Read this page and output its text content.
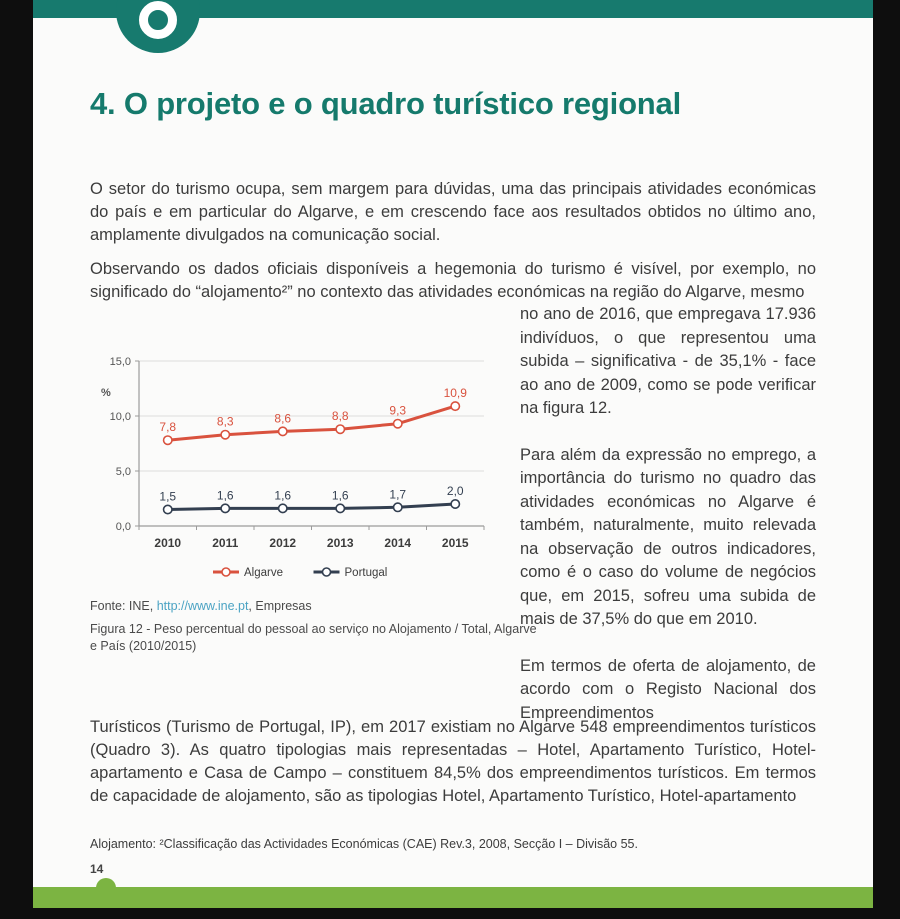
4. O projeto e o quadro turístico regional

O setor do turismo ocupa, sem margem para dúvidas, uma das principais atividades económicas do país e em particular do Algarve, e em crescendo face aos resultados obtidos no último ano, amplamente divulgados na comunicação social.

Observando os dados oficiais disponíveis a hegemonia do turismo é visível, por exemplo, no significado do “alojamento²” no contexto das atividades económicas na região do Algarve, mesmo

no ano de 2016, que empregava 17.936 indivíduos, o que representou uma subida – significativa - de 35,1% - face ao ano de 2009, como se pode verificar na figura 12.

Para além da expressão no emprego, a importância do turismo no quadro das atividades económicas no Algarve é também, naturalmente, muito relevada na observação de outros indicadores, como é o caso do volume de negócios que, em 2015, sofreu uma subida de mais de 37,5% do que em 2010.

Em termos de oferta de alojamento, de acordo com o Registo Nacional dos Empreendimentos

0,0
5,0
10,0
15,0
%
2010	2011	2012	2013	2014	2015
7,8	8,3	8,6	8,8	9,3
10,9
1,5	1,6	1,6	1,6	1,7	2,0
Algarve	Portugal

Fonte: INE, http://www.ine.pt, Empresas

Figura 12 - Peso percentual do pessoal ao serviço no Alojamento / Total, Algarve e País (2010/2015)

Turísticos (Turismo de Portugal, IP), em 2017 existiam no Algarve 548 empreendimentos turísticos (Quadro 3). As quatro tipologias mais representadas – Hotel, Apartamento Turístico, Hotel-apartamento e Casa de Campo – constituem 84,5% dos empreendimentos turísticos. Em termos de capacidade de alojamento, são as tipologias Hotel, Apartamento Turístico, Hotel-apartamento

Alojamento: ²Classificação das Actividades Económicas (CAE) Rev.3, 2008, Secção I – Divisão 55.

14
